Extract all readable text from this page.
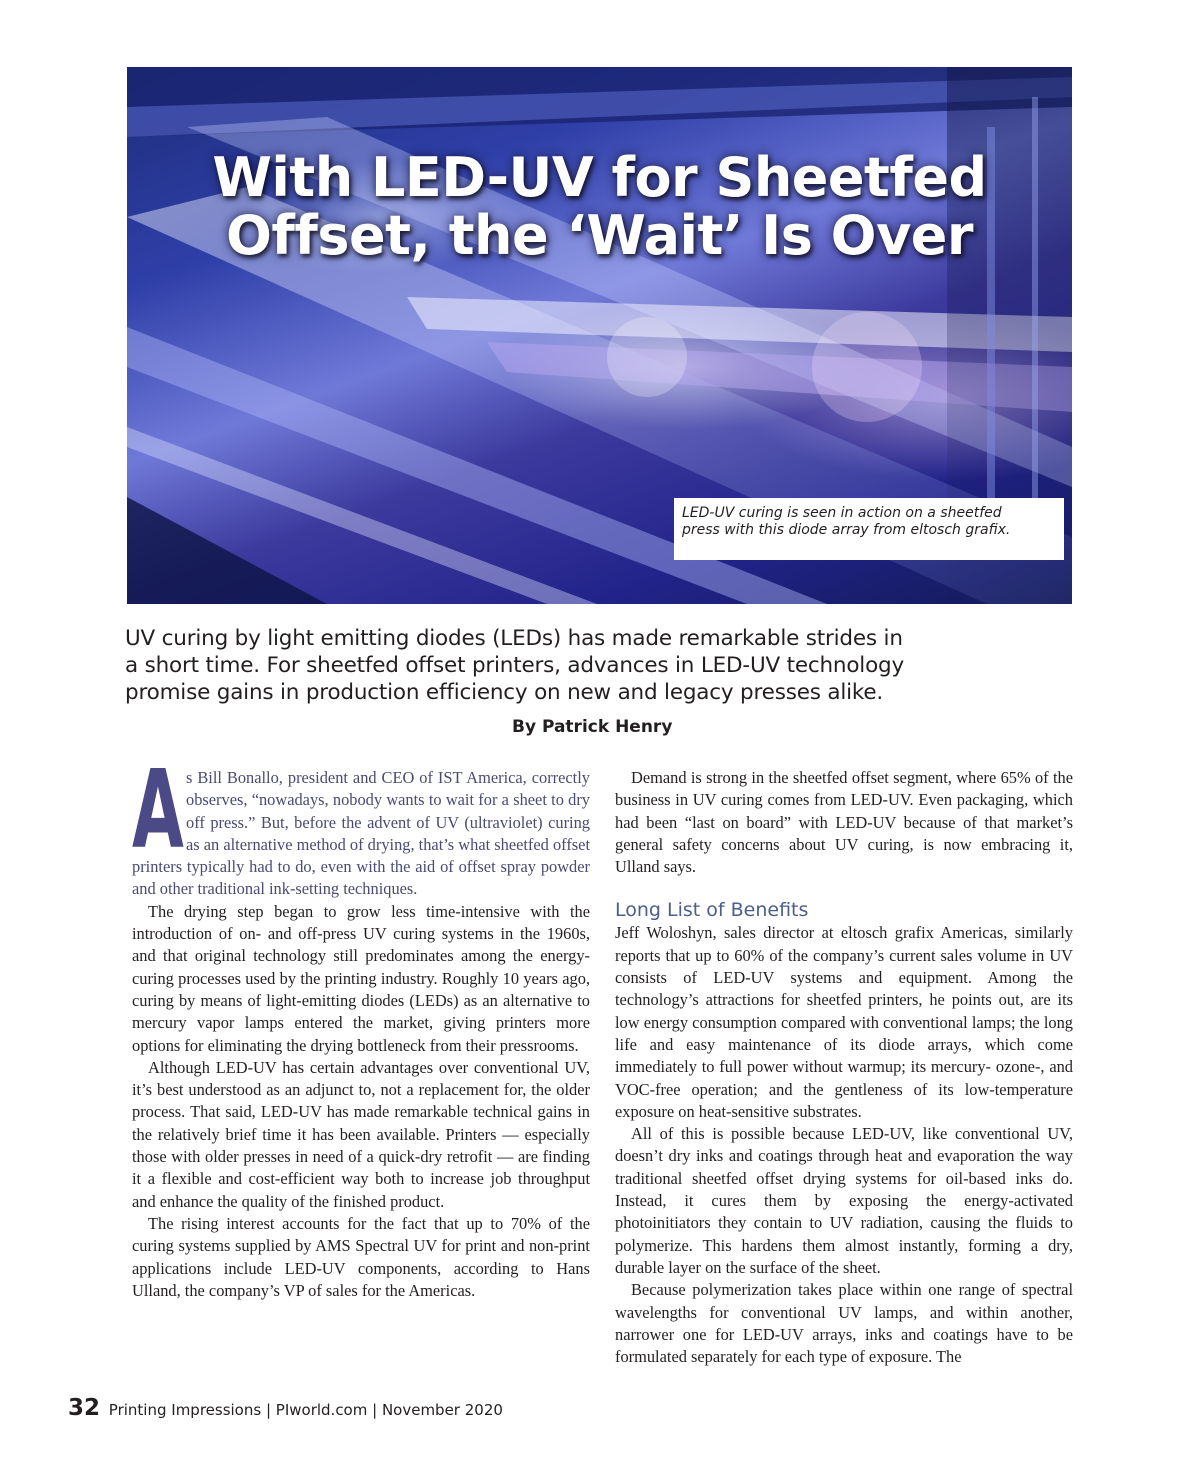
With LED-UV for Sheetfed
Offset, the ‘Wait’ Is Over
LED-UV curing is seen in action on a sheetfed
press with this diode array from eltosch grafix.
UV curing by light emitting diodes (LEDs) has made remarkable strides in
a short time. For sheetfed offset printers, advances in LED-UV technology
promise gains in production efficiency on new and legacy presses alike.
By Patrick Henry

As Bill Bonallo, president and CEO of IST America, correctly observes, “nowadays, nobody wants to wait for a sheet to dry off press.” But, before the advent of UV (ultraviolet) curing as an alternative method of drying, that’s what sheetfed offset printers typically had to do, even with the aid of offset spray powder and other traditional ink-setting techniques.

The drying step began to grow less time-intensive with the introduction of on- and off-press UV curing systems in the 1960s, and that original technology still predominates among the energy-curing processes used by the printing industry. Roughly 10 years ago, curing by means of light-emitting diodes (LEDs) as an alternative to mercury vapor lamps entered the market, giving printers more options for eliminating the drying bottleneck from their pressrooms.

Although LED-UV has certain advantages over conventional UV, it’s best understood as an adjunct to, not a replacement for, the older process. That said, LED-UV has made remarkable technical gains in the relatively brief time it has been available. Printers — especially those with older presses in need of a quick-dry retrofit — are finding it a flexible and cost-efficient way both to increase job throughput and enhance the quality of the finished product.

The rising interest accounts for the fact that up to 70% of the curing systems supplied by AMS Spectral UV for print and non-print applications include LED-UV components, according to Hans Ulland, the company’s VP of sales for the Americas.

Demand is strong in the sheetfed offset segment, where 65% of the business in UV curing comes from LED-UV. Even packaging, which had been “last on board” with LED-UV because of that market’s general safety concerns about UV curing, is now embracing it, Ulland says.

Long List of Benefits

Jeff Woloshyn, sales director at eltosch grafix Americas, similarly reports that up to 60% of the company’s current sales volume in UV consists of LED-UV systems and equipment. Among the technology’s attractions for sheetfed printers, he points out, are its low energy consumption compared with conventional lamps; the long life and easy maintenance of its diode arrays, which come immediately to full power without warmup; its mercury- ozone-, and VOC-free operation; and the gentleness of its low-temperature exposure on heat-sensitive substrates.

All of this is possible because LED-UV, like conventional UV, doesn’t dry inks and coatings through heat and evaporation the way traditional sheetfed offset drying systems for oil-based inks do. Instead, it cures them by exposing the energy-activated photoinitiators they contain to UV radiation, causing the fluids to polymerize. This hardens them almost instantly, forming a dry, durable layer on the surface of the sheet.

Because polymerization takes place within one range of spectral wavelengths for conventional UV lamps, and within another, narrower one for LED-UV arrays, inks and coatings have to be formulated separately for each type of exposure. The

32 Printing Impressions | PIworld.com | November 2020
